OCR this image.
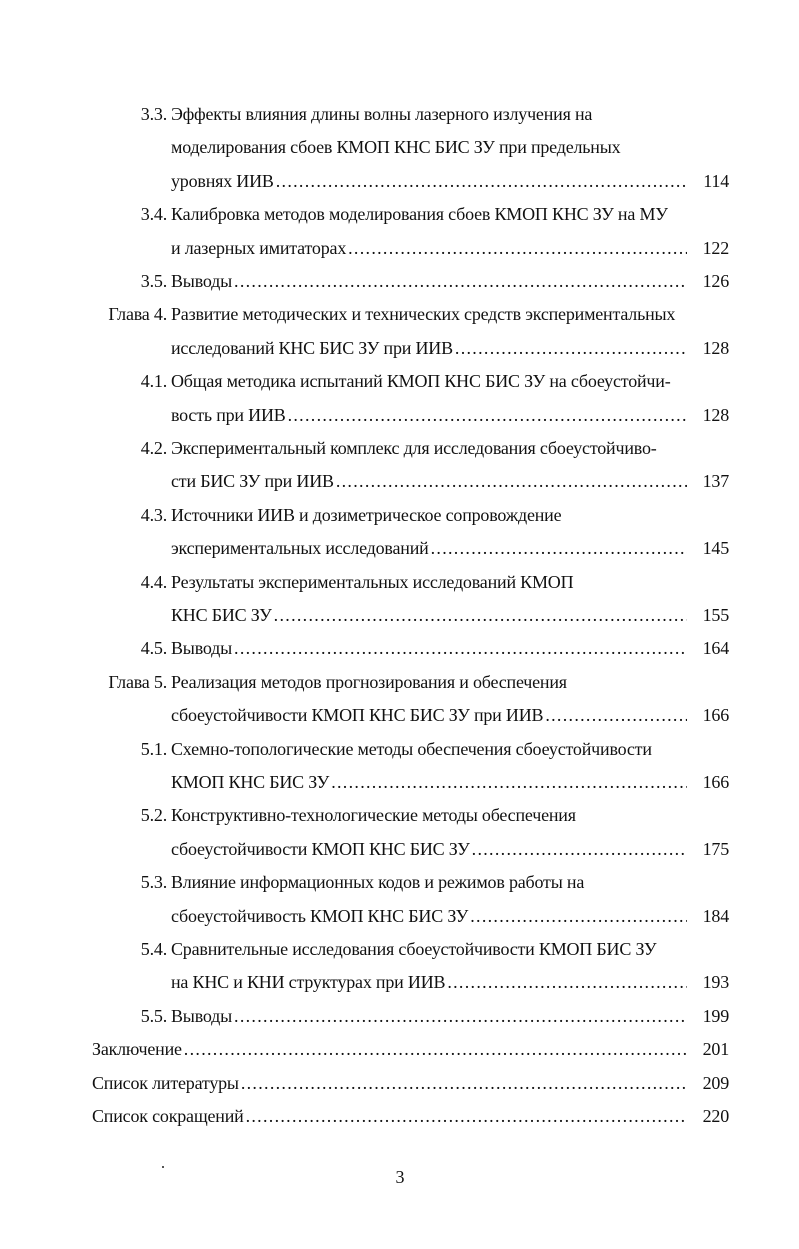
3.3. Эффекты влияния длины волны лазерного излучения на
моделирования сбоев КМОП КНС БИС ЗУ при предельных
уровнях ИИВ . . .	114
3.4. Калибровка методов моделирования сбоев КМОП КНС ЗУ на МУ
и лазерных имитаторах . . .	122
3.5. Выводы . . .	126
Глава 4. Развитие методических и технических средств экспериментальных
исследований КНС БИС ЗУ при ИИВ . . .	128
4.1. Общая методика испытаний КМОП КНС БИС ЗУ на сбоеустойчи-
вость при ИИВ . . .	128
4.2. Экспериментальный комплекс для исследования сбоеустойчиво-
сти БИС ЗУ при ИИВ . . .	137
4.3. Источники ИИВ и дозиметрическое сопровождение
экспериментальных исследований . . .	145
4.4. Результаты экспериментальных исследований КМОП
КНС БИС ЗУ . . .	155
4.5. Выводы . . .	164
Глава 5. Реализация методов прогнозирования и обеспечения
сбоеустойчивости КМОП КНС БИС ЗУ при ИИВ . . .	166
5.1. Схемно-топологические методы обеспечения сбоеустойчивости
КМОП КНС БИС ЗУ . . .	166
5.2. Конструктивно-технологические методы обеспечения
сбоеустойчивости КМОП КНС БИС ЗУ . . .	175
5.3. Влияние информационных кодов и режимов работы на
сбоеустойчивость КМОП КНС БИС ЗУ . . .	184
5.4. Сравнительные исследования сбоеустойчивости КМОП БИС ЗУ
на КНС и КНИ структурах при ИИВ . . .	193
5.5. Выводы . . .	199
Заключение . . .	201
Список литературы . . .	209
Список сокращений . . .	220
3
